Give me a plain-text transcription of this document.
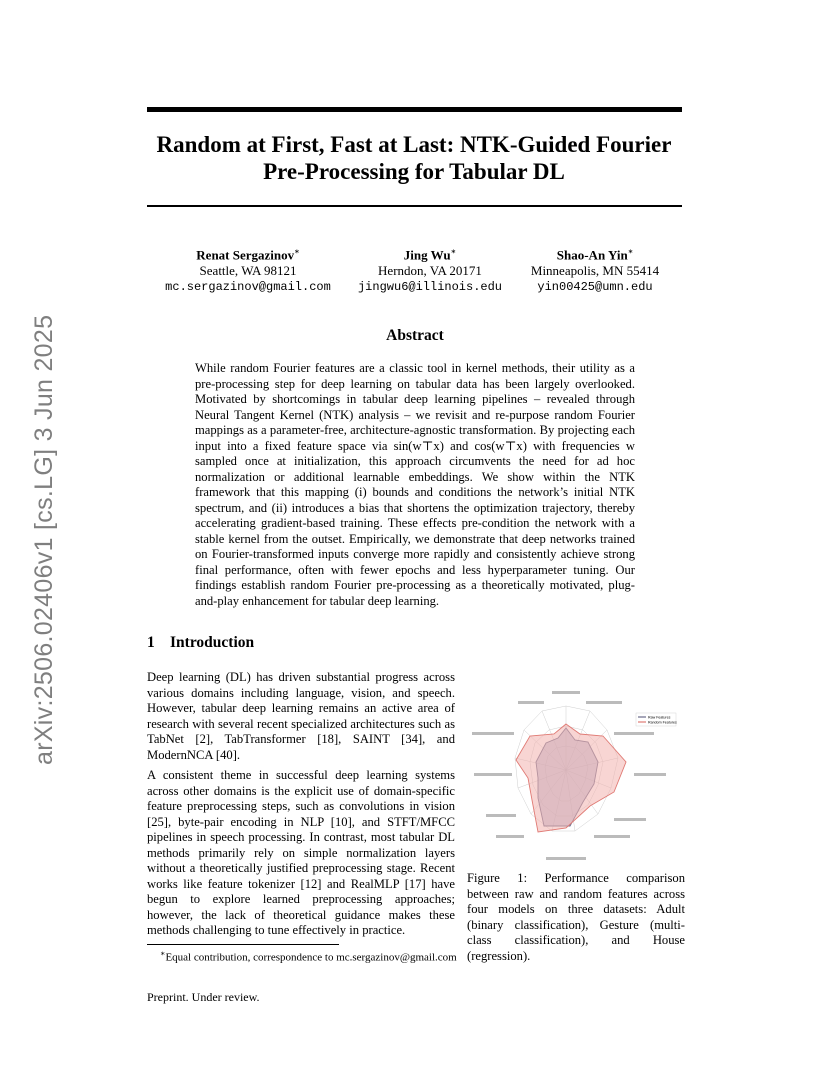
arXiv:2506.02406v1 [cs.LG] 3 Jun 2025
Random at First, Fast at Last: NTK-Guided Fourier
Pre-Processing for Tabular DL
Renat Sergazinov∗
Seattle, WA 98121
mc.sergazinov@gmail.com
Jing Wu∗
Herndon, VA 20171
jingwu6@illinois.edu
Shao-An Yin∗
Minneapolis, MN 55414
yin00425@umn.edu
Abstract
While random Fourier features are a classic tool in kernel methods, their utility as a pre-processing step for deep learning on tabular data has been largely overlooked. Motivated by shortcomings in tabular deep learning pipelines – revealed through Neural Tangent Kernel (NTK) analysis – we revisit and re-purpose random Fourier mappings as a parameter-free, architecture-agnostic transformation. By projecting each input into a fixed feature space via sin(w⊤x) and cos(w⊤x) with frequencies w sampled once at initialization, this approach circumvents the need for ad hoc normalization or additional learnable embeddings. We show within the NTK framework that this mapping (i) bounds and conditions the network’s initial NTK spectrum, and (ii) introduces a bias that shortens the optimization trajectory, thereby accelerating gradient-based training. These effects pre-condition the network with a stable kernel from the outset. Empirically, we demonstrate that deep networks trained on Fourier-transformed inputs converge more rapidly and consistently achieve strong final performance, often with fewer epochs and less hyperparameter tuning. Our findings establish random Fourier pre-processing as a theoretically motivated, plug-and-play enhancement for tabular deep learning.
1 Introduction
Deep learning (DL) has driven substantial progress across various domains including language, vision, and speech. However, tabular deep learning remains an active area of research with several recent specialized architectures such as TabNet [2], TabTransformer [18], SAINT [34], and ModernNCA [40].
A consistent theme in successful deep learning systems across other domains is the explicit use of domain-specific feature preprocessing steps, such as convolutions in vision [25], byte-pair encoding in NLP [10], and STFT/MFCC pipelines in speech processing. In contrast, most tabular DL methods primarily rely on simple normalization layers without a theoretically justified preprocessing stage. Recent works like feature tokenizer [12] and RealMLP [17] have begun to explore learned preprocessing approaches; however, the lack of theoretical guidance makes these methods challenging to tune effectively in practice.
Raw Features
Random Features
Figure 1: Performance comparison between raw and random features across four models on three datasets: Adult (binary classification), Gesture (multi-class classification), and House (regression).
∗Equal contribution, correspondence to mc.sergazinov@gmail.com
Preprint. Under review.
